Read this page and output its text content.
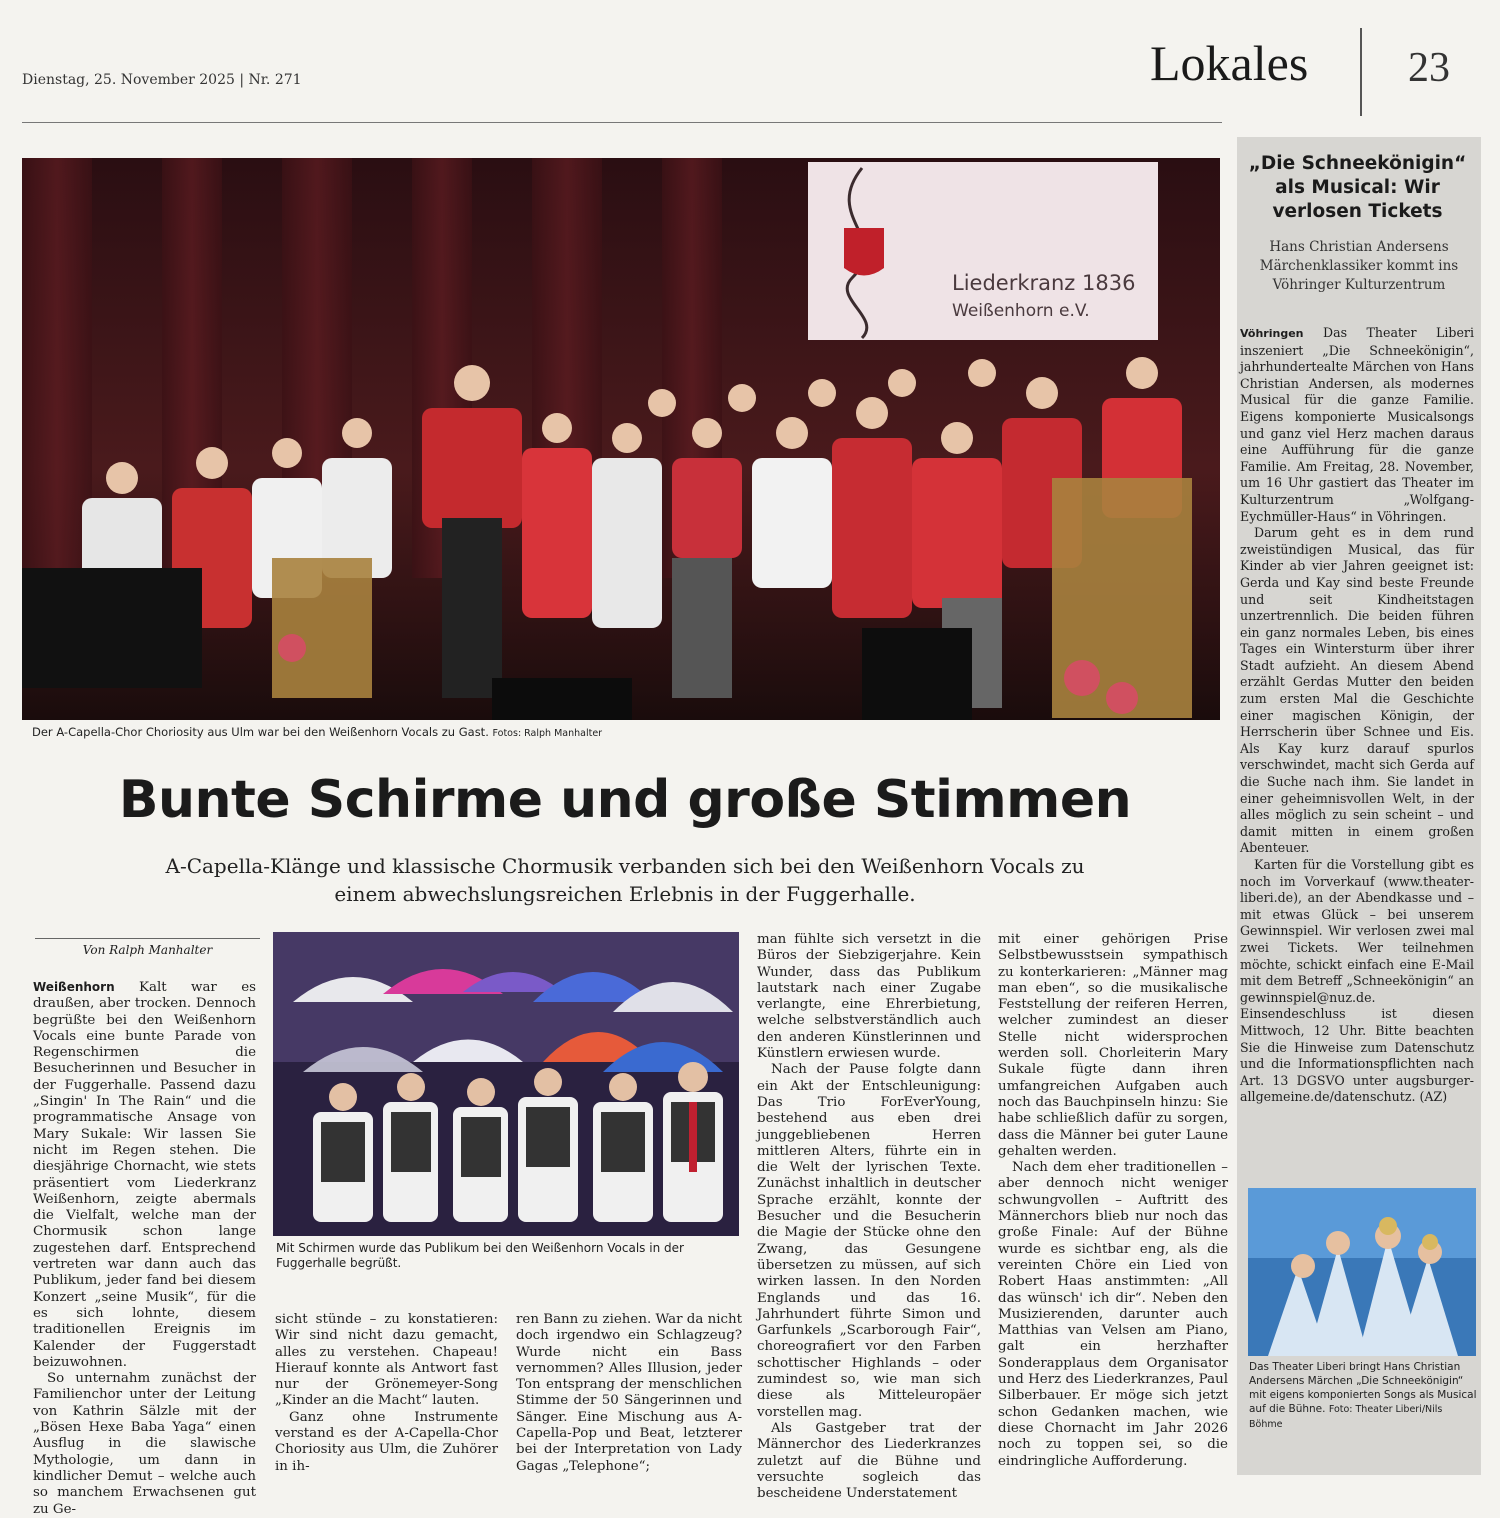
Dienstag, 25. November 2025 | Nr. 271	Lokales 23
Liederkranz 1836
Weißenhorn e.V.
Der A-Capella-Chor Choriosity aus Ulm war bei den Weißenhorn Vocals zu Gast. Fotos: Ralph Manhalter
Bunte Schirme und große Stimmen
A-Capella-Klänge und klassische Chormusik verbanden sich bei den Weißenhorn Vocals zu einem abwechslungsreichen Erlebnis in der Fuggerhalle.
Von Ralph Manhalter

Weißenhorn Kalt war es draußen, aber trocken. Dennoch begrüßte bei den Weißenhorn Vocals eine bunte Parade von Regenschirmen die Besucherinnen und Besucher in der Fuggerhalle. Passend dazu „Singin' In The Rain“ und die programmatische Ansage von Mary Sukale: Wir lassen Sie nicht im Regen stehen. Die diesjährige Chornacht, wie stets präsentiert vom Liederkranz Weißenhorn, zeigte abermals die Vielfalt, welche man der Chormusik schon lange zugestehen darf. Entsprechend vertreten war dann auch das Publikum, jeder fand bei diesem Konzert „seine Musik“, für die es sich lohnte, diesem traditionellen Ereignis im Kalender der Fuggerstadt beizuwohnen.

So unternahm zunächst der Familienchor unter der Leitung von Kathrin Sälzle mit der „Bösen Hexe Baba Yaga“ einen Ausflug in die slawische Mythologie, um dann in kindlicher Demut – welche auch so manchem Erwachsenen gut zu Ge-

Mit Schirmen wurde das Publikum bei den Weißenhorn Vocals in der Fuggerhalle begrüßt.

sicht stünde – zu konstatieren: Wir sind nicht dazu gemacht, alles zu verstehen. Chapeau! Hierauf konnte als Antwort fast nur der Grönemeyer-Song „Kinder an die Macht“ lauten.

Ganz ohne Instrumente verstand es der A-Capella-Chor Choriosity aus Ulm, die Zuhörer in ih-

ren Bann zu ziehen. War da nicht doch irgendwo ein Schlagzeug? Wurde nicht ein Bass vernommen? Alles Illusion, jeder Ton entsprang der menschlichen Stimme der 50 Sängerinnen und Sänger. Eine Mischung aus A-Capella-Pop und Beat, letzterer bei der Interpretation von Lady Gagas „Telephone“;

man fühlte sich versetzt in die Büros der Siebzigerjahre. Kein Wunder, dass das Publikum lautstark nach einer Zugabe verlangte, eine Ehrerbietung, welche selbstverständlich auch den anderen Künstlerinnen und Künstlern erwiesen wurde.

Nach der Pause folgte dann ein Akt der Entschleunigung: Das Trio ForEverYoung, bestehend aus eben drei junggebliebenen Herren mittleren Alters, führte ein in die Welt der lyrischen Texte. Zunächst inhaltlich in deutscher Sprache erzählt, konnte der Besucher und die Besucherin die Magie der Stücke ohne den Zwang, das Gesungene übersetzen zu müssen, auf sich wirken lassen. In den Norden Englands und das 16. Jahrhundert führte Simon und Garfunkels „Scarborough Fair“, choreografiert vor den Farben schottischer Highlands – oder zumindest so, wie man sich diese als Mitteleuropäer vorstellen mag.

Als Gastgeber trat der Männerchor des Liederkranzes zuletzt auf die Bühne und versuchte sogleich das bescheidene Understatement

mit einer gehörigen Prise Selbstbewusstsein sympathisch zu konterkarieren: „Männer mag man eben“, so die musikalische Feststellung der reiferen Herren, welcher zumindest an dieser Stelle nicht widersprochen werden soll. Chorleiterin Mary Sukale fügte dann ihren umfangreichen Aufgaben auch noch das Bauchpinseln hinzu: Sie habe schließlich dafür zu sorgen, dass die Männer bei guter Laune gehalten werden.

Nach dem eher traditionellen – aber dennoch nicht weniger schwungvollen – Auftritt des Männerchors blieb nur noch das große Finale: Auf der Bühne wurde es sichtbar eng, als die vereinten Chöre ein Lied von Robert Haas anstimmten: „All das wünsch' ich dir“. Neben den Musizierenden, darunter auch Matthias van Velsen am Piano, galt ein herzhafter Sonderapplaus dem Organisator und Herz des Liederkranzes, Paul Silberbauer. Er möge sich jetzt schon Gedanken machen, wie diese Chornacht im Jahr 2026 noch zu toppen sei, so die eindringliche Aufforderung.

„Die Schneekönigin“ als Musical: Wir verlosen Tickets
Hans Christian Andersens Märchenklassiker kommt ins Vöhringer Kulturzentrum

Vöhringen Das Theater Liberi inszeniert „Die Schneekönigin“, jahrhundertealte Märchen von Hans Christian Andersen, als modernes Musical für die ganze Familie. Eigens komponierte Musicalsongs und ganz viel Herz machen daraus eine Aufführung für die ganze Familie. Am Freitag, 28. November, um 16 Uhr gastiert das Theater im Kulturzentrum „Wolfgang-Eychmüller-Haus“ in Vöhringen.

Darum geht es in dem rund zweistündigen Musical, das für Kinder ab vier Jahren geeignet ist: Gerda und Kay sind beste Freunde und seit Kindheitstagen unzertrennlich. Die beiden führen ein ganz normales Leben, bis eines Tages ein Wintersturm über ihrer Stadt aufzieht. An diesem Abend erzählt Gerdas Mutter den beiden zum ersten Mal die Geschichte einer magischen Königin, der Herrscherin über Schnee und Eis. Als Kay kurz darauf spurlos verschwindet, macht sich Gerda auf die Suche nach ihm. Sie landet in einer geheimnisvollen Welt, in der alles möglich zu sein scheint – und damit mitten in einem großen Abenteuer.

Karten für die Vorstellung gibt es noch im Vorverkauf (www.theater-liberi.de), an der Abendkasse und – mit etwas Glück – bei unserem Gewinnspiel. Wir verlosen zwei mal zwei Tickets. Wer teilnehmen möchte, schickt einfach eine E-Mail mit dem Betreff „Schneekönigin“ an gewinnspiel@nuz.de. Einsendeschluss ist diesen Mittwoch, 12 Uhr. Bitte beachten Sie die Hinweise zum Datenschutz und die Informationspflichten nach Art. 13 DGSVO unter augsburger-allgemeine.de/datenschutz. (AZ)

Das Theater Liberi bringt Hans Christian Andersens Märchen „Die Schneekönigin“ mit eigens komponierten Songs als Musical auf die Bühne. Foto: Theater Liberi/Nils Böhme
